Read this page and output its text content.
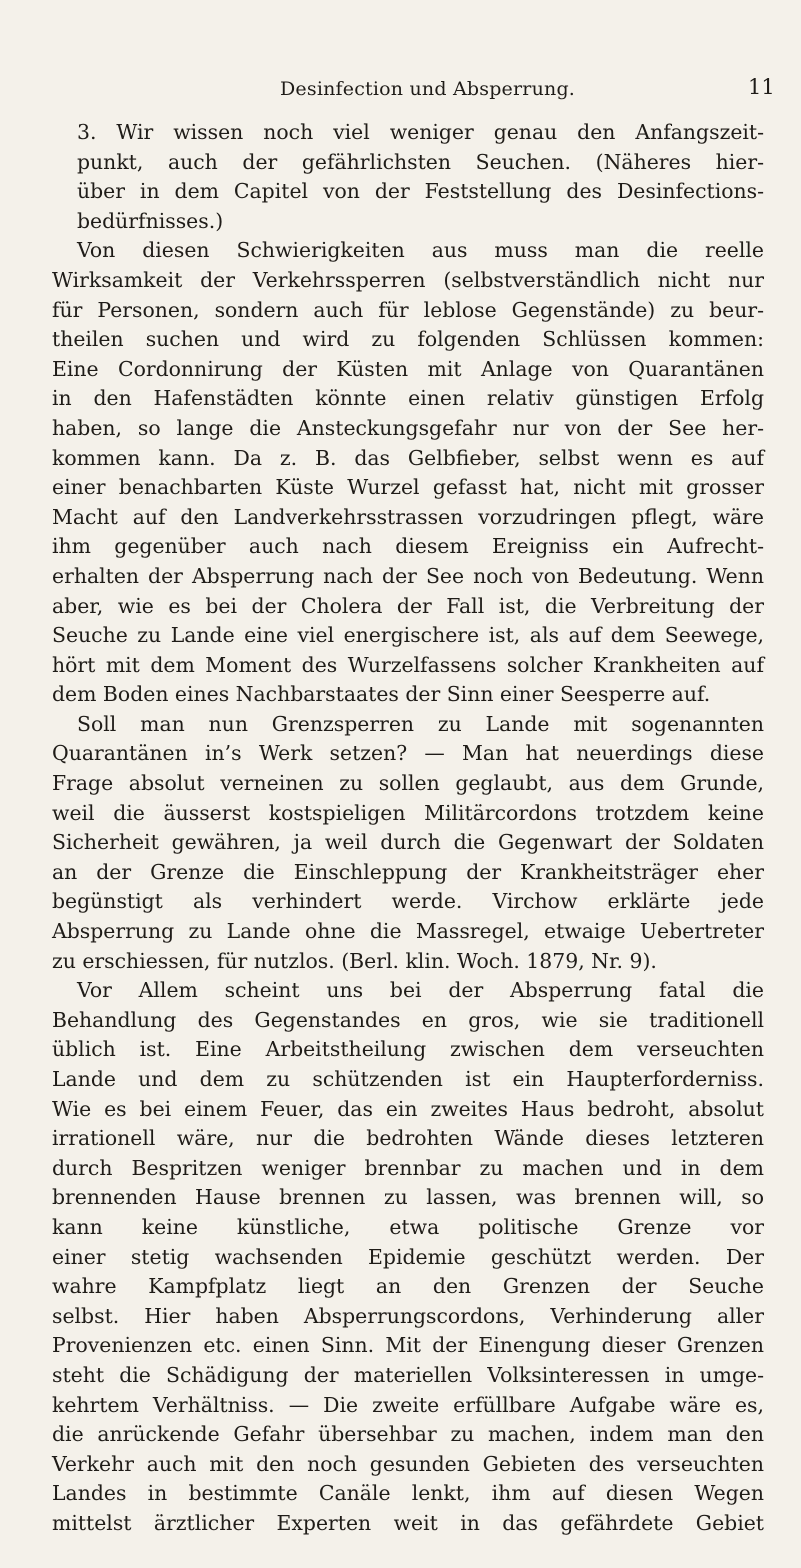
Desinfection und Absperrung.	11
3. Wir wissen noch viel weniger genau den Anfangszeit-
punkt, auch der gefährlichsten Seuchen. (Näheres hier-
über in dem Capitel von der Feststellung des Desinfections-
bedürfnisses.)
Von diesen Schwierigkeiten aus muss man die reelle
Wirksamkeit der Verkehrssperren (selbstverständlich nicht nur
für Personen, sondern auch für leblose Gegenstände) zu beur-
theilen suchen und wird zu folgenden Schlüssen kommen:
Eine Cordonnirung der Küsten mit Anlage von Quarantänen
in den Hafenstädten könnte einen relativ günstigen Erfolg
haben, so lange die Ansteckungsgefahr nur von der See her-
kommen kann. Da z. B. das Gelbfieber, selbst wenn es auf
einer benachbarten Küste Wurzel gefasst hat, nicht mit grosser
Macht auf den Landverkehrsstrassen vorzudringen pflegt, wäre
ihm gegenüber auch nach diesem Ereigniss ein Aufrecht-
erhalten der Absperrung nach der See noch von Bedeutung. Wenn
aber, wie es bei der Cholera der Fall ist, die Verbreitung der
Seuche zu Lande eine viel energischere ist, als auf dem Seewege,
hört mit dem Moment des Wurzelfassens solcher Krankheiten auf
dem Boden eines Nachbarstaates der Sinn einer Seesperre auf.
Soll man nun Grenzsperren zu Lande mit sogenannten
Quarantänen in’s Werk setzen? — Man hat neuerdings diese
Frage absolut verneinen zu sollen geglaubt, aus dem Grunde,
weil die äusserst kostspieligen Militärcordons trotzdem keine
Sicherheit gewähren, ja weil durch die Gegenwart der Soldaten
an der Grenze die Einschleppung der Krankheitsträger eher
begünstigt als verhindert werde. Virchow erklärte jede
Absperrung zu Lande ohne die Massregel, etwaige Uebertreter
zu erschiessen, für nutzlos. (Berl. klin. Woch. 1879, Nr. 9).
Vor Allem scheint uns bei der Absperrung fatal die
Behandlung des Gegenstandes en gros, wie sie traditionell
üblich ist. Eine Arbeitstheilung zwischen dem verseuchten
Lande und dem zu schützenden ist ein Haupterforderniss.
Wie es bei einem Feuer, das ein zweites Haus bedroht, absolut
irrationell wäre, nur die bedrohten Wände dieses letzteren
durch Bespritzen weniger brennbar zu machen und in dem
brennenden Hause brennen zu lassen, was brennen will, so
kann keine künstliche, etwa politische Grenze vor
einer stetig wachsenden Epidemie geschützt werden. Der
wahre Kampfplatz liegt an den Grenzen der Seuche
selbst. Hier haben Absperrungscordons, Verhinderung aller
Provenienzen etc. einen Sinn. Mit der Einengung dieser Grenzen
steht die Schädigung der materiellen Volksinteressen in umge-
kehrtem Verhältniss. — Die zweite erfüllbare Aufgabe wäre es,
die anrückende Gefahr übersehbar zu machen, indem man den
Verkehr auch mit den noch gesunden Gebieten des verseuchten
Landes in bestimmte Canäle lenkt, ihm auf diesen Wegen
mittelst ärztlicher Experten weit in das gefährdete Gebiet
